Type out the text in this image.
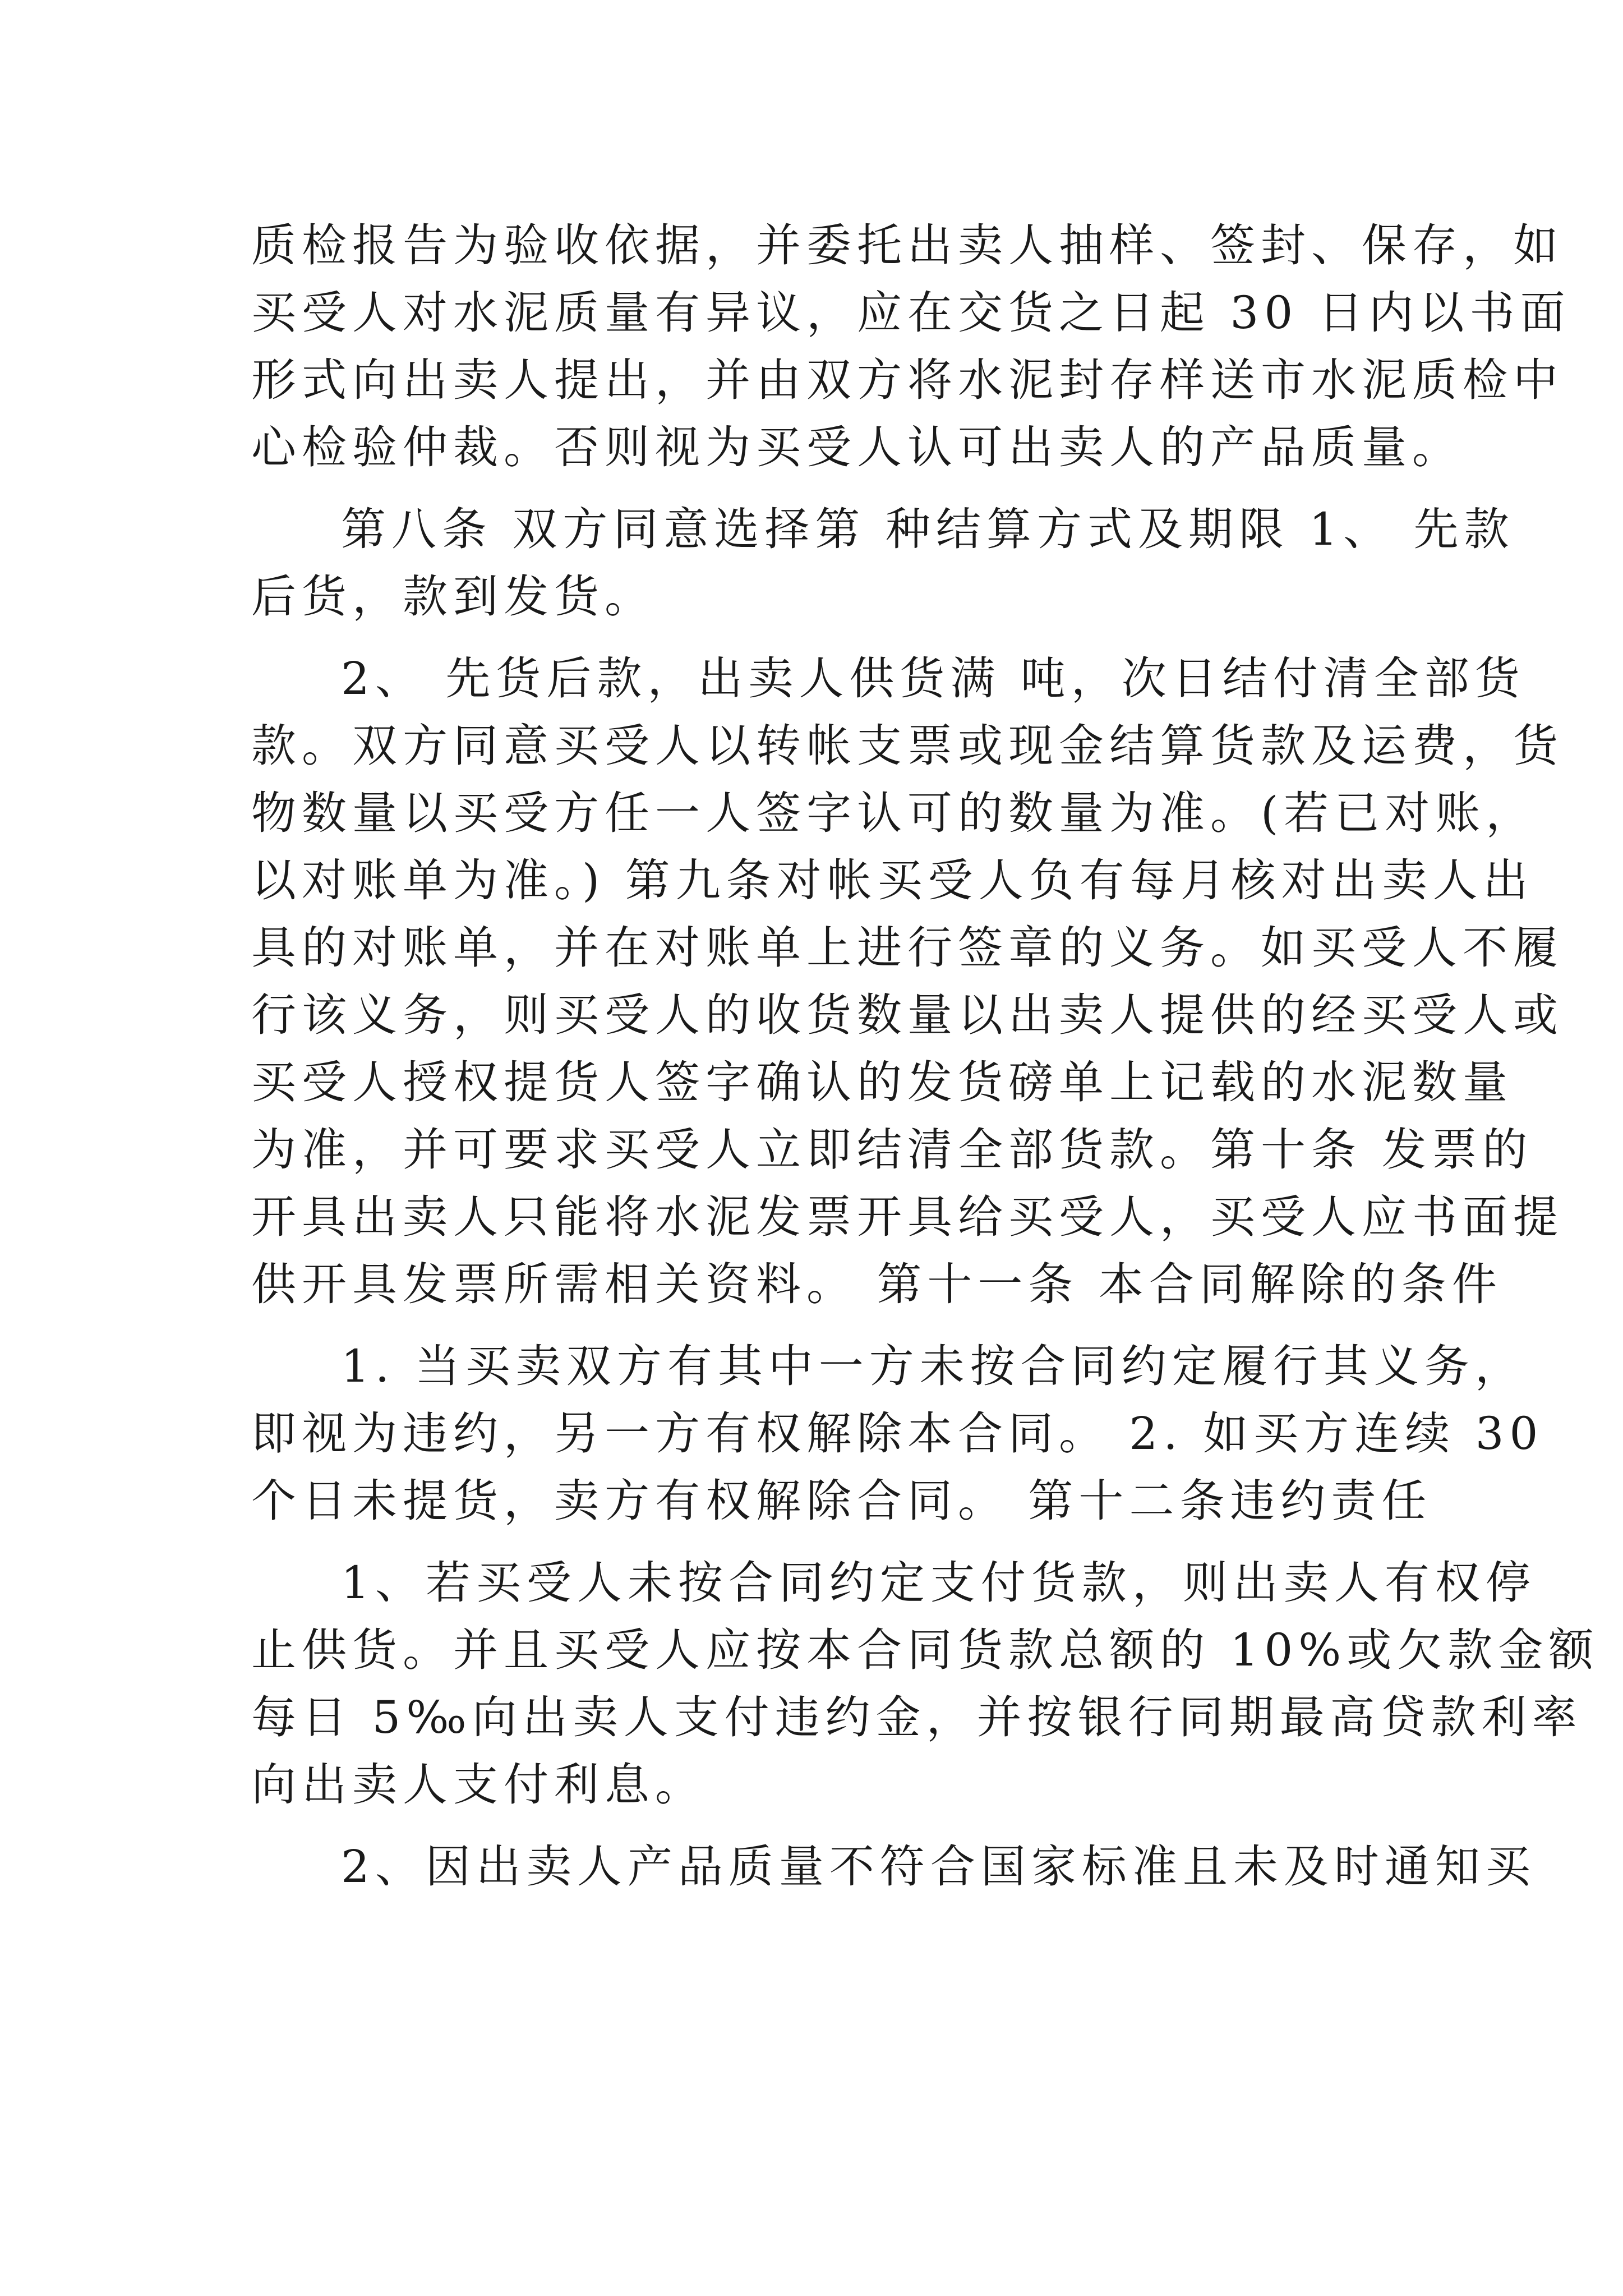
质检报告为验收依据，并委托出卖人抽样、签封、保存，如
买受人对水泥质量有异议，应在交货之日起 30 日内以书面
形式向出卖人提出，并由双方将水泥封存样送市水泥质检中
心检验仲裁。否则视为买受人认可出卖人的产品质量。
第八条 双方同意选择第 种结算方式及期限 1、 先款
后货，款到发货。
2、 先货后款，出卖人供货满 吨，次日结付清全部货
款。双方同意买受人以转帐支票或现金结算货款及运费，货
物数量以买受方任一人签字认可的数量为准。(若已对账，
以对账单为准。) 第九条对帐买受人负有每月核对出卖人出
具的对账单，并在对账单上进行签章的义务。如买受人不履
行该义务，则买受人的收货数量以出卖人提供的经买受人或
买受人授权提货人签字确认的发货磅单上记载的水泥数量
为准，并可要求买受人立即结清全部货款。第十条 发票的
开具出卖人只能将水泥发票开具给买受人，买受人应书面提
供开具发票所需相关资料。 第十一条 本合同解除的条件
1. 当买卖双方有其中一方未按合同约定履行其义务，
即视为违约，另一方有权解除本合同。 2. 如买方连续 30
个日未提货，卖方有权解除合同。 第十二条违约责任
1、若买受人未按合同约定支付货款，则出卖人有权停
止供货。并且买受人应按本合同货款总额的 10%或欠款金额
每日 5‰向出卖人支付违约金，并按银行同期最高贷款利率
向出卖人支付利息。
2、因出卖人产品质量不符合国家标准且未及时通知买
